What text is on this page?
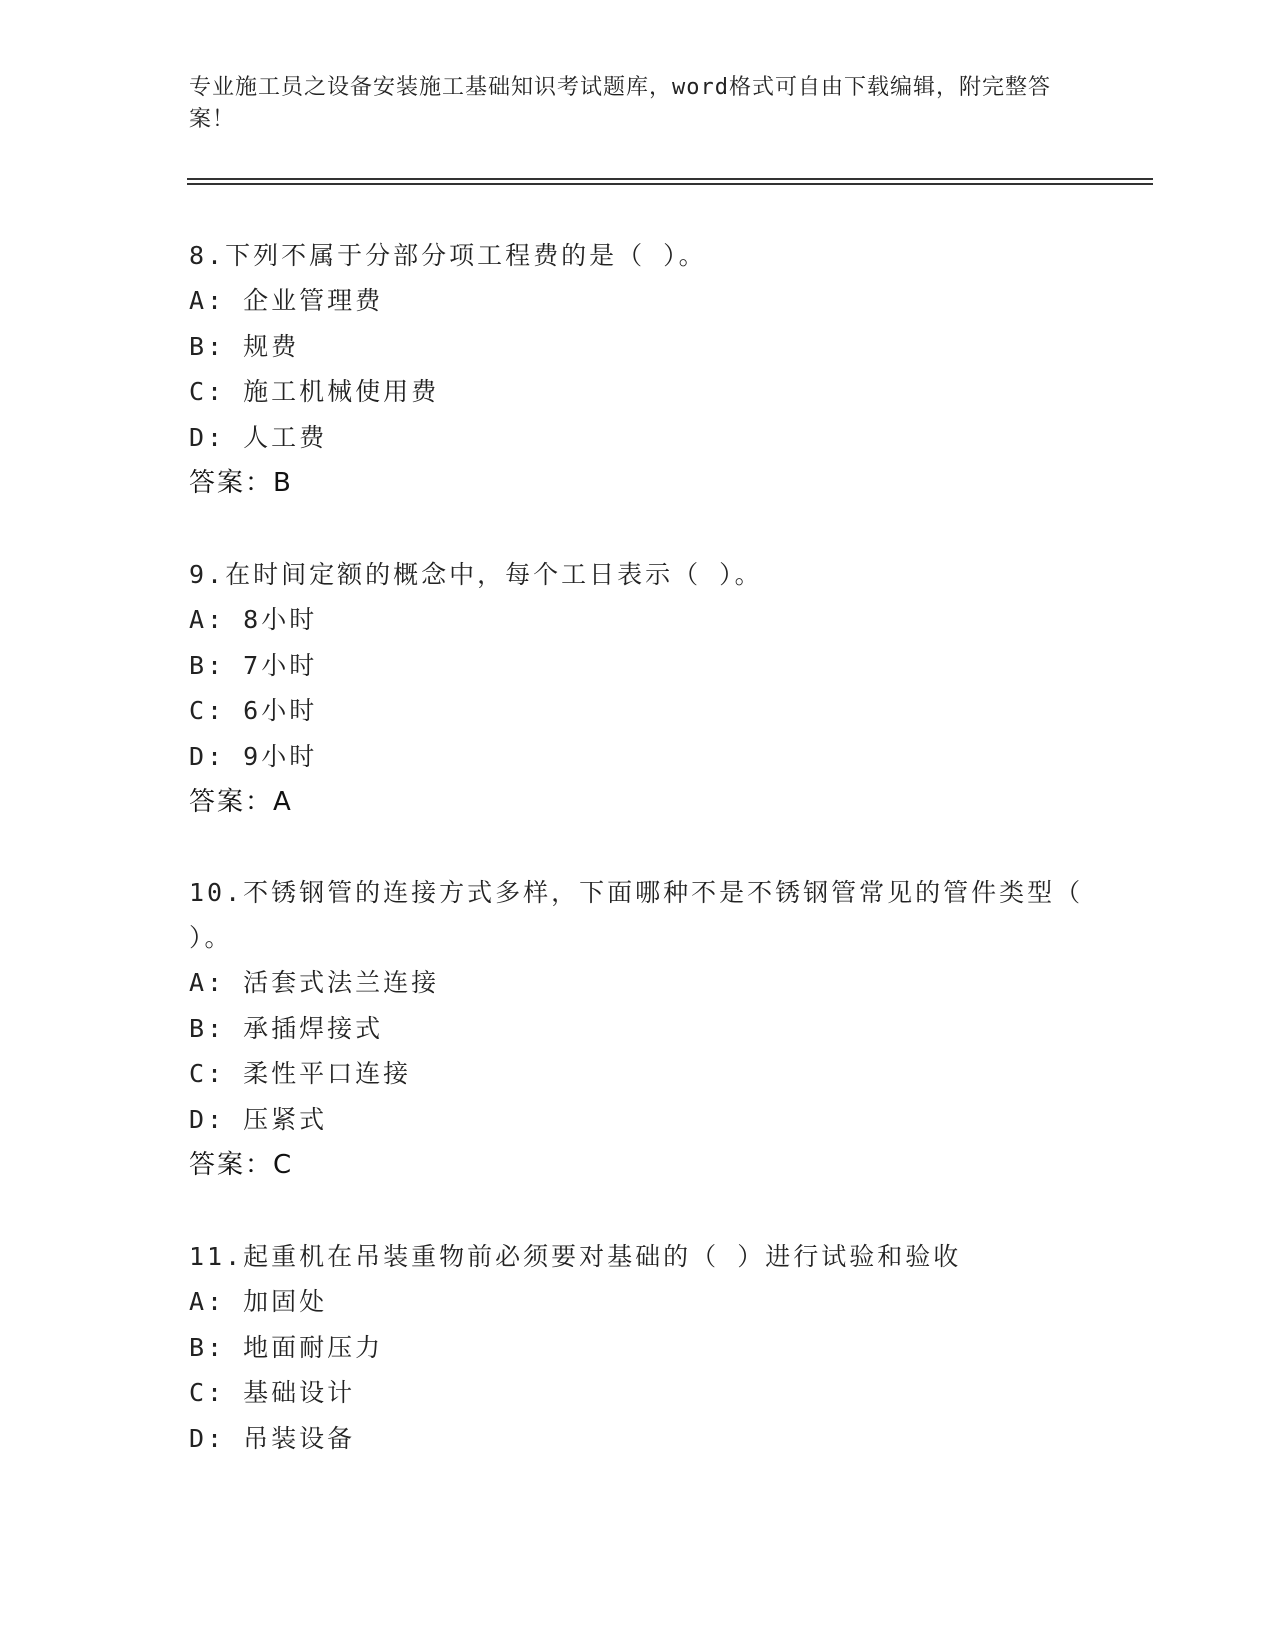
专业施工员之设备安装施工基础知识考试题库，word格式可自由下载编辑，附完整答案！

8.下列不属于分部分项工程费的是（ ）。

A: 企业管理费

B: 规费

C: 施工机械使用费

D: 人工费

答案：B

9.在时间定额的概念中，每个工日表示（ ）。

A: 8小时

B: 7小时

C: 6小时

D: 9小时

答案：A

10.不锈钢管的连接方式多样，下面哪种不是不锈钢管常见的管件类型（ ）。

A: 活套式法兰连接

B: 承插焊接式

C: 柔性平口连接

D: 压紧式

答案：C

11.起重机在吊装重物前必须要对基础的（ ）进行试验和验收

A: 加固处

B: 地面耐压力

C: 基础设计

D: 吊装设备
